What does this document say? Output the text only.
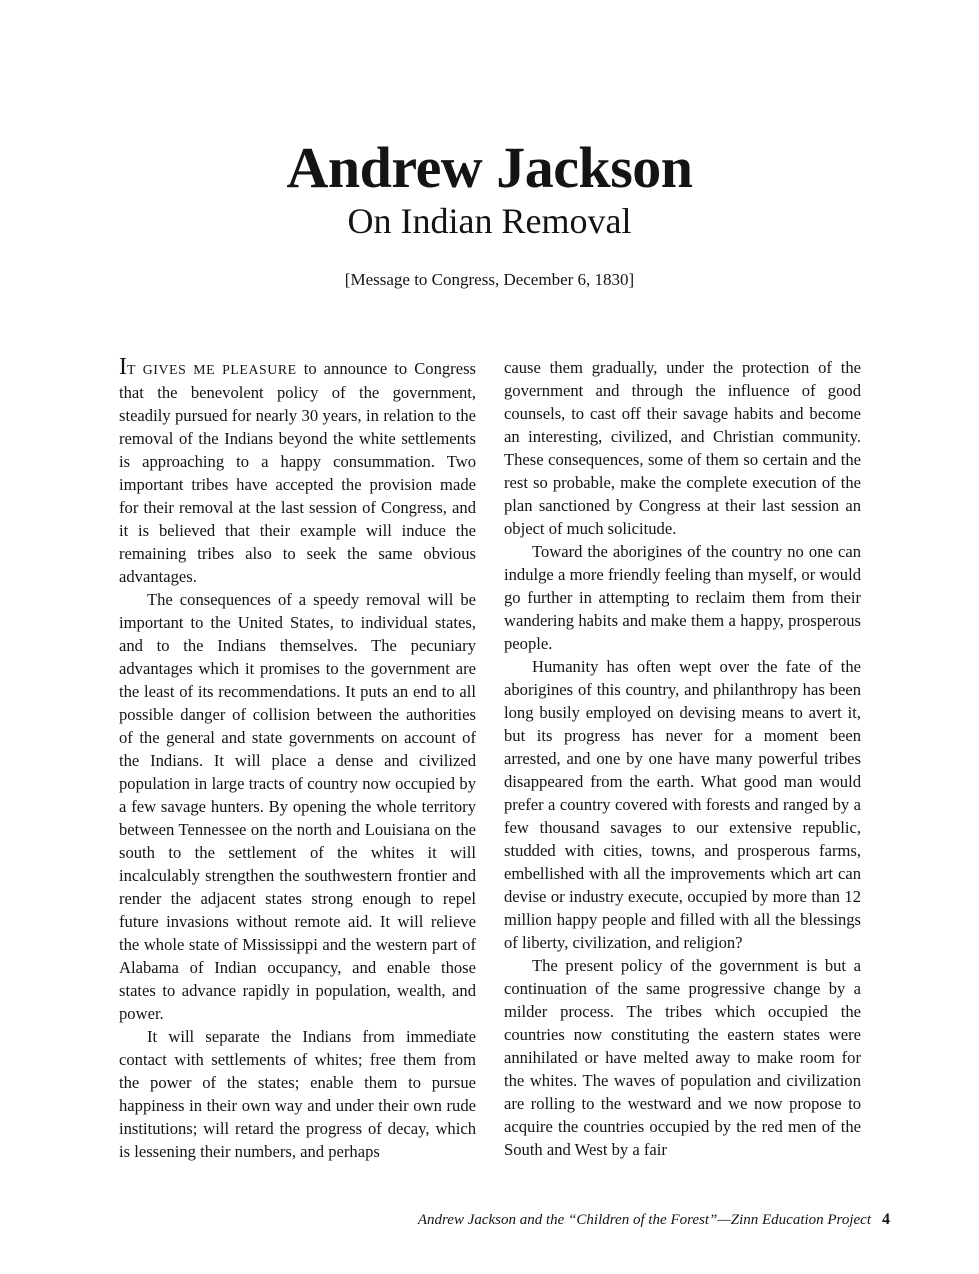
Andrew Jackson
On Indian Removal
[Message to Congress, December 6, 1830]

IT GIVES ME PLEASURE to announce to Congress that the benevolent policy of the government, steadily pursued for nearly 30 years, in relation to the removal of the Indians beyond the white settlements is approaching to a happy consummation. Two important tribes have accepted the provision made for their removal at the last session of Congress, and it is believed that their example will induce the remaining tribes also to seek the same obvious advantages.

The consequences of a speedy removal will be important to the United States, to individual states, and to the Indians themselves. The pecuniary advantages which it promises to the government are the least of its recommendations. It puts an end to all possible danger of collision between the authorities of the general and state governments on account of the Indians. It will place a dense and civilized population in large tracts of country now occupied by a few savage hunters. By opening the whole territory between Tennessee on the north and Louisiana on the south to the settlement of the whites it will incalculably strengthen the southwestern frontier and render the adjacent states strong enough to repel future invasions without remote aid. It will relieve the whole state of Mississippi and the western part of Alabama of Indian occupancy, and enable those states to advance rapidly in population, wealth, and power.

It will separate the Indians from immediate contact with settlements of whites; free them from the power of the states; enable them to pursue happiness in their own way and under their own rude institutions; will retard the progress of decay, which is lessening their numbers, and perhaps

cause them gradually, under the protection of the government and through the influence of good counsels, to cast off their savage habits and become an interesting, civilized, and Christian community. These consequences, some of them so certain and the rest so probable, make the complete execution of the plan sanctioned by Congress at their last session an object of much solicitude.

Toward the aborigines of the country no one can indulge a more friendly feeling than myself, or would go further in attempting to reclaim them from their wandering habits and make them a happy, prosperous people.

Humanity has often wept over the fate of the aborigines of this country, and philanthropy has been long busily employed on devising means to avert it, but its progress has never for a moment been arrested, and one by one have many powerful tribes disappeared from the earth. What good man would prefer a country covered with forests and ranged by a few thousand savages to our extensive republic, studded with cities, towns, and prosperous farms, embellished with all the improvements which art can devise or industry execute, occupied by more than 12 million happy people and filled with all the blessings of liberty, civilization, and religion?

The present policy of the government is but a continuation of the same progressive change by a milder process. The tribes which occupied the countries now constituting the eastern states were annihilated or have melted away to make room for the whites. The waves of population and civilization are rolling to the westward and we now propose to acquire the countries occupied by the red men of the South and West by a fair

Andrew Jackson and the “Children of the Forest”—Zinn Education Project 4
